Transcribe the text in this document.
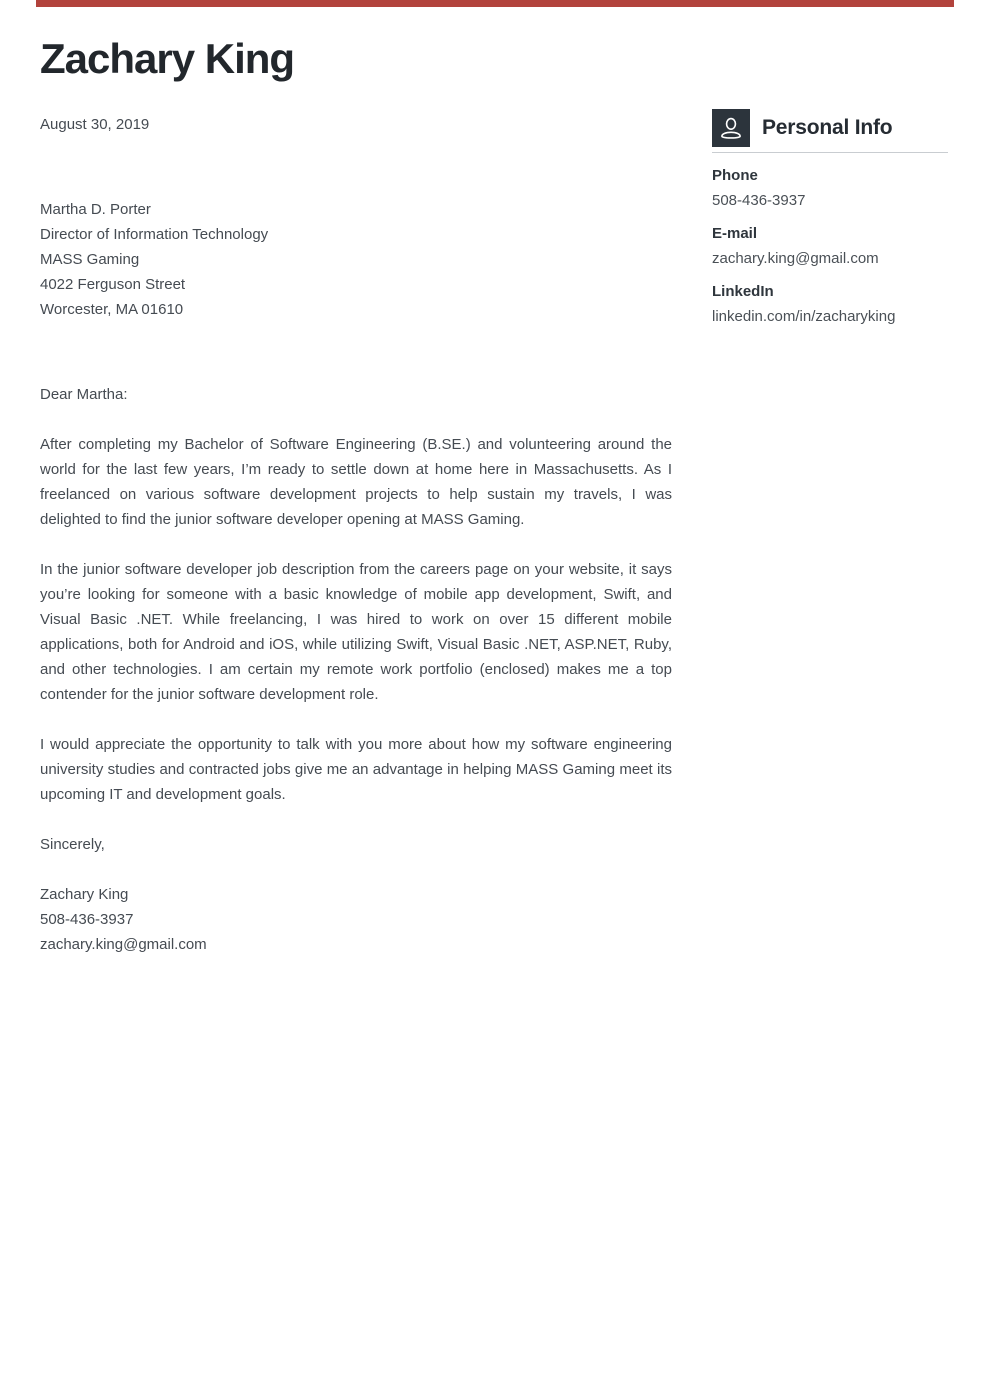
Zachary King
August 30, 2019
Martha D. Porter
Director of Information Technology
MASS Gaming
4022 Ferguson Street
Worcester, MA 01610
Dear Martha:

After completing my Bachelor of Software Engineering (B.SE.) and volunteering around the world for the last few years, I’m ready to settle down at home here in Massachusetts. As I freelanced on various software development projects to help sustain my travels, I was delighted to find the junior software developer opening at MASS Gaming.

In the junior software developer job description from the careers page on your website, it says you’re looking for someone with a basic knowledge of mobile app development, Swift, and Visual Basic .NET. While freelancing, I was hired to work on over 15 different mobile applications, both for Android and iOS, while utilizing Swift, Visual Basic .NET, ASP.NET, Ruby, and other technologies. I am certain my remote work portfolio (enclosed) makes me a top contender for the junior software development role.

I would appreciate the opportunity to talk with you more about how my software engineering university studies and contracted jobs give me an advantage in helping MASS Gaming meet its upcoming IT and development goals.

Sincerely,
Zachary King
508-436-3937
zachary.king@gmail.com
Personal Info
Phone
508-436-3937
E-mail
zachary.king@gmail.com
LinkedIn
linkedin.com/in/zacharyking
